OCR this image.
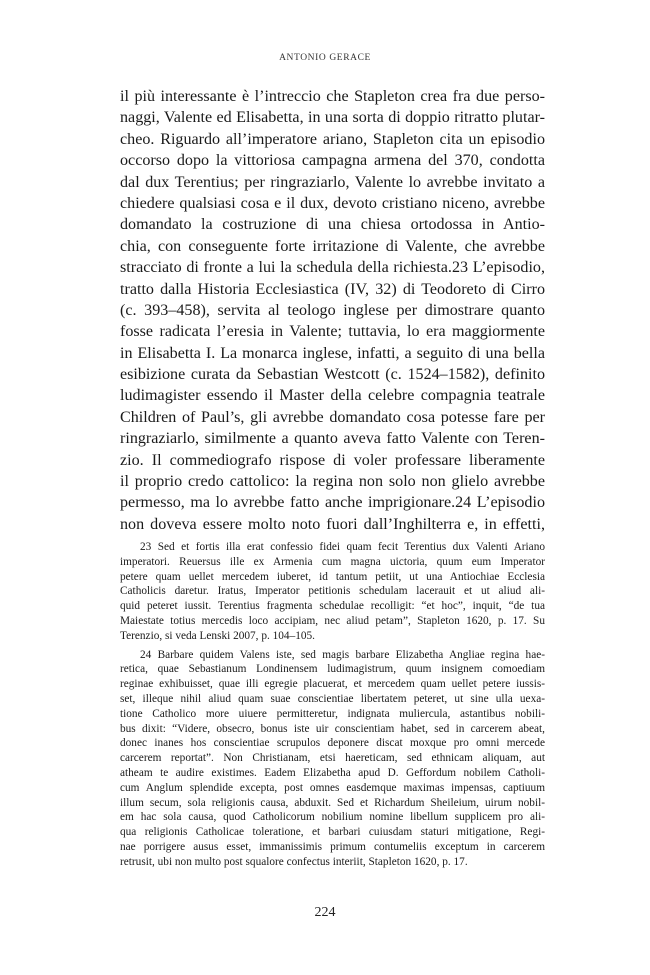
ANTONIO GERACE
il più interessante è l’intreccio che Stapleton crea fra due perso-
naggi, Valente ed Elisabetta, in una sorta di doppio ritratto plutar-
cheo. Riguardo all’imperatore ariano, Stapleton cita un episodio
occorso dopo la vittoriosa campagna armena del 370, condotta
dal dux Terentius; per ringraziarlo, Valente lo avrebbe invitato a
chiedere qualsiasi cosa e il dux, devoto cristiano niceno, avrebbe
domandato la costruzione di una chiesa ortodossa in Antio-
chia, con conseguente forte irritazione di Valente, che avrebbe
stracciato di fronte a lui la schedula della richiesta.23 L’episodio,
tratto dalla Historia Ecclesiastica (IV, 32) di Teodoreto di Cirro
(c. 393–458), servita al teologo inglese per dimostrare quanto
fosse radicata l’eresia in Valente; tuttavia, lo era maggiormente
in Elisabetta I. La monarca inglese, infatti, a seguito di una bella
esibizione curata da Sebastian Westcott (c. 1524–1582), definito
ludimagister essendo il Master della celebre compagnia teatrale
Children of Paul’s, gli avrebbe domandato cosa potesse fare per
ringraziarlo, similmente a quanto aveva fatto Valente con Teren-
zio. Il commediografo rispose di voler professare liberamente
il proprio credo cattolico: la regina non solo non glielo avrebbe
permesso, ma lo avrebbe fatto anche imprigionare.24 L’episodio
non doveva essere molto noto fuori dall’Inghilterra e, in effetti,
23 Sed et fortis illa erat confessio fidei quam fecit Terentius dux Valenti Ariano
imperatori. Reuersus ille ex Armenia cum magna uictoria, quum eum Imperator
petere quam uellet mercedem iuberet, id tantum petiit, ut una Antiochiae Ecclesia
Catholicis daretur. Iratus, Imperator petitionis schedulam lacerauit et ut aliud ali-
quid peteret iussit. Terentius fragmenta schedulae recolligit: “et hoc”, inquit, “de tua
Maiestate totius mercedis loco accipiam, nec aliud petam”, Stapleton 1620, p. 17. Su
Terenzio, si veda Lenski 2007, p. 104–105.
24 Barbare quidem Valens iste, sed magis barbare Elizabetha Angliae regina hae-
retica, quae Sebastianum Londinensem ludimagistrum, quum insignem comoediam
reginae exhibuisset, quae illi egregie placuerat, et mercedem quam uellet petere iussis-
set, illeque nihil aliud quam suae conscientiae libertatem peteret, ut sine ulla uexa-
tione Catholico more uiuere permitteretur, indignata muliercula, astantibus nobili-
bus dixit: “Videre, obsecro, bonus iste uir conscientiam habet, sed in carcerem abeat,
donec inanes hos conscientiae scrupulos deponere discat moxque pro omni mercede
carcerem reportat”. Non Christianam, etsi haereticam, sed ethnicam aliquam, aut
atheam te audire existimes. Eadem Elizabetha apud D. Geffordum nobilem Catholi-
cum Anglum splendide excepta, post omnes easdemque maximas impensas, captiuum
illum secum, sola religionis causa, abduxit. Sed et Richardum Sheileium, uirum nobil-
em hac sola causa, quod Catholicorum nobilium nomine libellum supplicem pro ali-
qua religionis Catholicae toleratione, et barbari cuiusdam staturi mitigatione, Regi-
nae porrigere ausus esset, immanissimis primum contumeliis exceptum in carcerem
retrusit, ubi non multo post squalore confectus interiit, Stapleton 1620, p. 17.
224
